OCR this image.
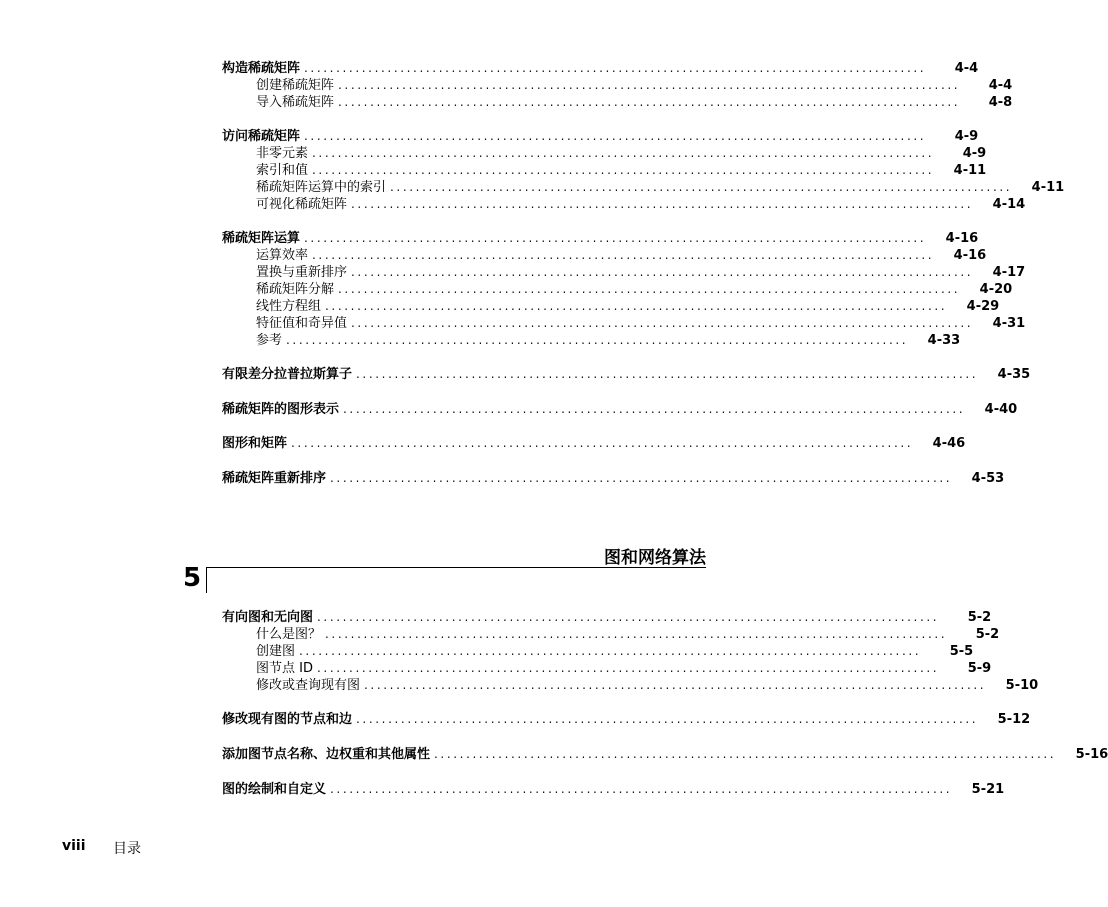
构造稀疏矩阵 .................................................................................................	4-4
创建稀疏矩阵 .................................................................................................	4-4
导入稀疏矩阵 .................................................................................................	4-8
访问稀疏矩阵 .................................................................................................	4-9
非零元素 .................................................................................................	4-9
索引和值 .................................................................................................	4-11
稀疏矩阵运算中的索引 .................................................................................................	4-11
可视化稀疏矩阵 .................................................................................................	4-14
稀疏矩阵运算 .................................................................................................	4-16
运算效率 .................................................................................................	4-16
置换与重新排序 .................................................................................................	4-17
稀疏矩阵分解 .................................................................................................	4-20
线性方程组 .................................................................................................	4-29
特征值和奇异值 .................................................................................................	4-31
参考 .................................................................................................	4-33
有限差分拉普拉斯算子 .................................................................................................	4-35
稀疏矩阵的图形表示 .................................................................................................	4-40
图形和矩阵 .................................................................................................	4-46
稀疏矩阵重新排序 .................................................................................................	4-53
图和网络算法
5
有向图和无向图 .................................................................................................	5-2
什么是图？ .................................................................................................	5-2
创建图 .................................................................................................	5-5
图节点 ID .................................................................................................	5-9
修改或查询现有图 .................................................................................................	5-10
修改现有图的节点和边 .................................................................................................	5-12
添加图节点名称、边权重和其他属性 .................................................................................................	5-16
图的绘制和自定义 .................................................................................................	5-21
viii 目录
